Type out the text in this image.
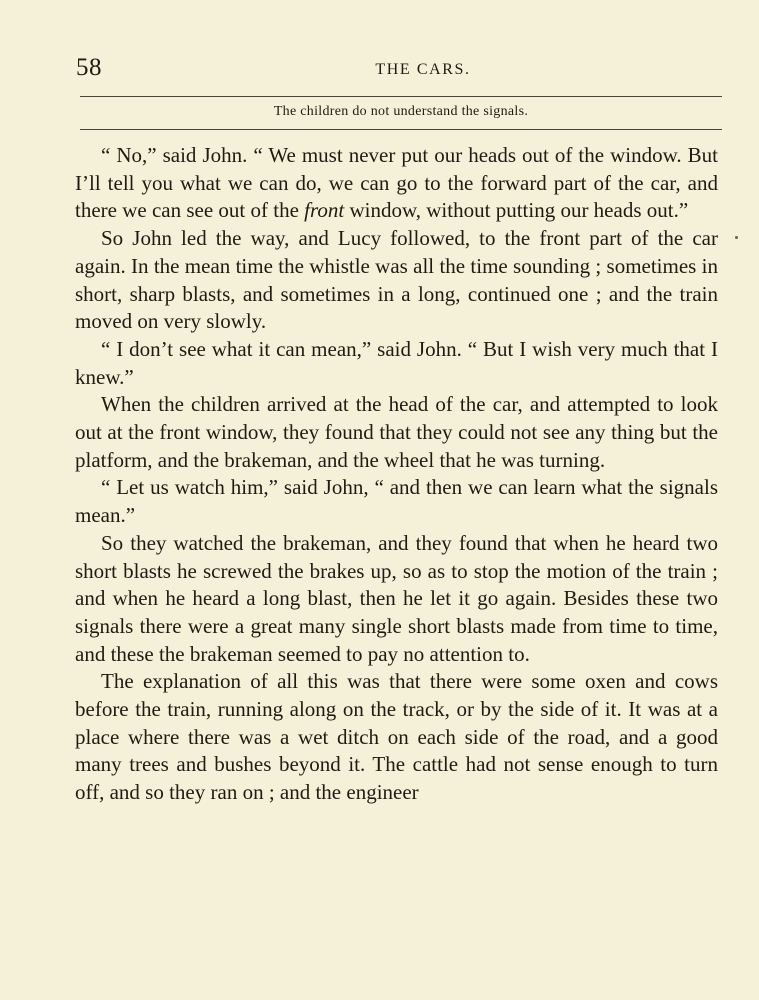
58	THE CARS.
The children do not understand the signals.

“ No,” said John. “ We must never put our heads out of the window. But I’ll tell you what we can do, we can go to the forward part of the car, and there we can see out of the front window, without putting our heads out.”

So John led the way, and Lucy followed, to the front part of the car again. In the mean time the whistle was all the time sounding ; sometimes in short, sharp blasts, and sometimes in a long, continued one ; and the train moved on very slowly.

“ I don’t see what it can mean,” said John. “ But I wish very much that I knew.”

When the children arrived at the head of the car, and attempted to look out at the front window, they found that they could not see any thing but the platform, and the brakeman, and the wheel that he was turning.

“ Let us watch him,” said John, “ and then we can learn what the signals mean.”

So they watched the brakeman, and they found that when he heard two short blasts he screwed the brakes up, so as to stop the motion of the train ; and when he heard a long blast, then he let it go again. Besides these two signals there were a great many single short blasts made from time to time, and these the brakeman seemed to pay no attention to.

The explanation of all this was that there were some oxen and cows before the train, running along on the track, or by the side of it. It was at a place where there was a wet ditch on each side of the road, and a good many trees and bushes beyond it. The cattle had not sense enough to turn off, and so they ran on ; and the engineer
